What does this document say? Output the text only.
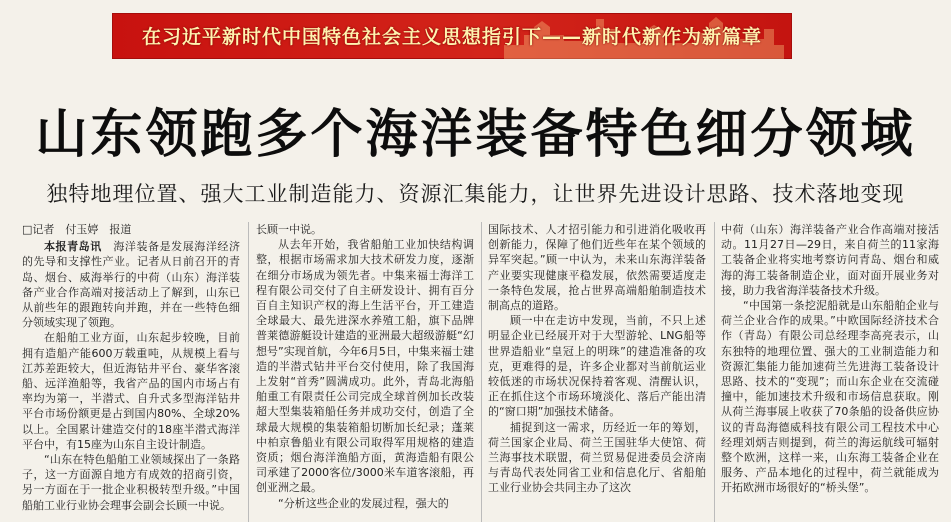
在习近平新时代中国特色社会主义思想指引下——新时代新作为新篇章
山东领跑多个海洋装备特色细分领域
独特地理位置、强大工业制造能力、资源汇集能力，让世界先进设计思路、技术落地变现

□记者　付玉婷　报道

本报青岛讯　海洋装备是发展海洋经济的先导和支撑性产业。记者从日前召开的青岛、烟台、威海举行的中荷（山东）海洋装备产业合作高端对接活动上了解到，山东已从前些年的跟跑转向并跑，并在一些特色细分领域实现了领跑。

在船舶工业方面，山东起步较晚，目前拥有造船产能600万载重吨，从规模上看与江苏差距较大，但近海钻井平台、豪华客滚船、远洋渔船等，我省产品的国内市场占有率均为第一，半潜式、自升式多型海洋钻井平台市场份额更是占到国内80%、全球20%以上。全国累计建造交付的18座半潜式海洋平台中，有15座为山东自主设计制造。

“山东在特色船舶工业领域探出了一条路子，这一方面源自地方有成效的招商引资，另一方面在于一批企业积极转型升级。”中国船舶工业行业协会理事会副会长顾一中说。

长顾一中说。

从去年开始，我省船舶工业加快结构调整，根据市场需求加大技术研发力度，逐渐在细分市场成为领先者。中集来福士海洋工程有限公司交付了自主研发设计、拥有百分百自主知识产权的海上生活平台，开工建造全球最大、最先进深水养殖工船，旗下品牌普莱德游艇设计建造的亚洲最大超级游艇“幻想号”实现首航，今年6月5日，中集来福士建造的半潜式钻井平台交付使用，除了我国海上发射“首秀”圆满成功。此外，青岛北海船舶重工有限责任公司完成全球首例加长改装超大型集装箱船任务并成功交付，创造了全球最大规模的集装箱船切断加长纪录；蓬莱中柏京鲁船业有限公司取得军用规格的建造资质；烟台海洋渔船方面，黄海造船有限公司承建了2000客位/3000米车道客滚船，再创亚洲之最。

“分析这些企业的发展过程，强大的

国际技术、人才招引能力和引进消化吸收再创新能力，保障了他们近些年在某个领域的异军突起。”顾一中认为，未来山东海洋装备产业要实现健康平稳发展，依然需要适度走一条特色发展，抢占世界高端船舶制造技术制高点的道路。

顾一中在走访中发现，当前，不只上述明显企业已经展开对于大型游轮、LNG船等世界造船业“皇冠上的明珠”的建造准备的攻克，更难得的是，许多企业都对当前航运业较低迷的市场状况保持着客观、清醒认识，正在抓住这个市场环境淡化、落后产能出清的“窗口期”加强技术储备。

捕捉到这一需求，历经近一年的筹划，荷兰国家企业局、荷兰王国驻华大使馆、荷兰海事技术联盟，荷兰贸易促进委员会济南与青岛代表处同省工业和信息化厅、省船舶工业行业协会共同主办了这次

中荷（山东）海洋装备产业合作高端对接活动。11月27日—29日，来自荷兰的11家海工装备企业将实地考察访问青岛、烟台和威海的海工装备制造企业，面对面开展业务对接，助力我省海洋装备技术升级。

“中国第一条挖泥船就是山东船舶企业与荷兰企业合作的成果。”中欧国际经济技术合作（青岛）有限公司总经理李高亮表示，山东独特的地理位置、强大的工业制造能力和资源汇集能力能加速荷兰先进海工装备设计思路、技术的“变现”；而山东企业在交流碰撞中，能加速技术升级和市场信息获取。刚从荷兰海事展上收获了70条船的设备供应协议的青岛海德威科技有限公司工程技术中心经理刘炳吉则提到，荷兰的海运航线可辐射整个欧洲，这样一来，山东海工装备企业在服务、产品本地化的过程中，荷兰就能成为开拓欧洲市场很好的“桥头堡”。
